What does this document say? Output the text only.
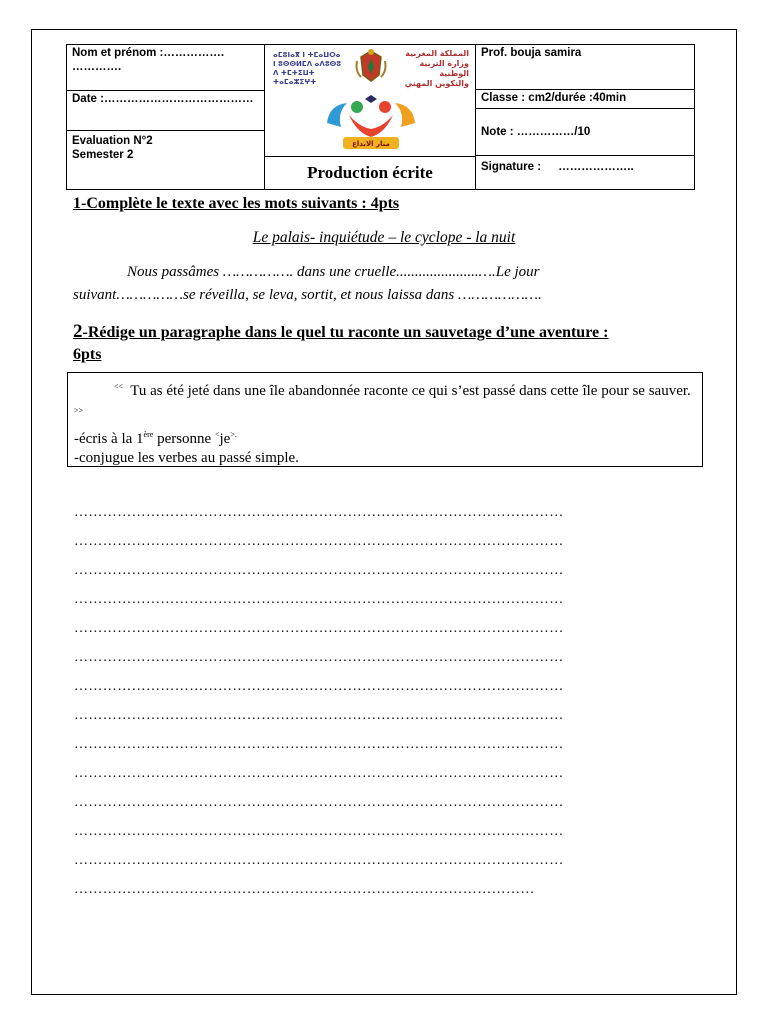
Nom et prénom :…………….
………….
Date :…………………………………
Evaluation N°2
Semester 2
ⴰⵎⵓⵏⴰⴳ ⵏ ⵜⵎⴰⵡⵔⴰ
ⵏ ⵓⵙⵙⵍⵎⴷ ⴰⴷⵓⵙⵓ
ⴷ ⵜⵎⵜⵉⵡⵜ ⵜⴰⵎⴰⵣⵉⵖⵜ
المملكة المغربية
وزارة التربية الوطنية
والتكوين المهني
منار الابداع
Production écrite
Prof. bouja samira
Classe : cm2/durée :40min
Note : ……………/10
Signature : ………………..
1-Complète le texte avec les mots suivants : 4pts
Le palais- inquiétude – le cyclope - la nuit
Nous passâmes ……………. dans une cruelle......................….Le jour
suivant……………se réveilla, se leva, sortit, et nous laissa dans ……………….
2-Rédige un paragraphe dans le quel tu raconte un sauvetage d’une aventure :
6pts
<< Tu as été jeté dans une île abandonnée raconte ce qui s’est passé dans cette île pour se sauver. >>
-écris à la 1ère personne <je>.
-conjugue les verbes au passé simple.
…………………………………………………………………………………………
…………………………………………………………………………………………
…………………………………………………………………………………………
…………………………………………………………………………………………
…………………………………………………………………………………………
…………………………………………………………………………………………
…………………………………………………………………………………………
…………………………………………………………………………………………
…………………………………………………………………………………………
…………………………………………………………………………………………
…………………………………………………………………………………………
…………………………………………………………………………………………
…………………………………………………………………………………………
……………………………………………………………………………………
